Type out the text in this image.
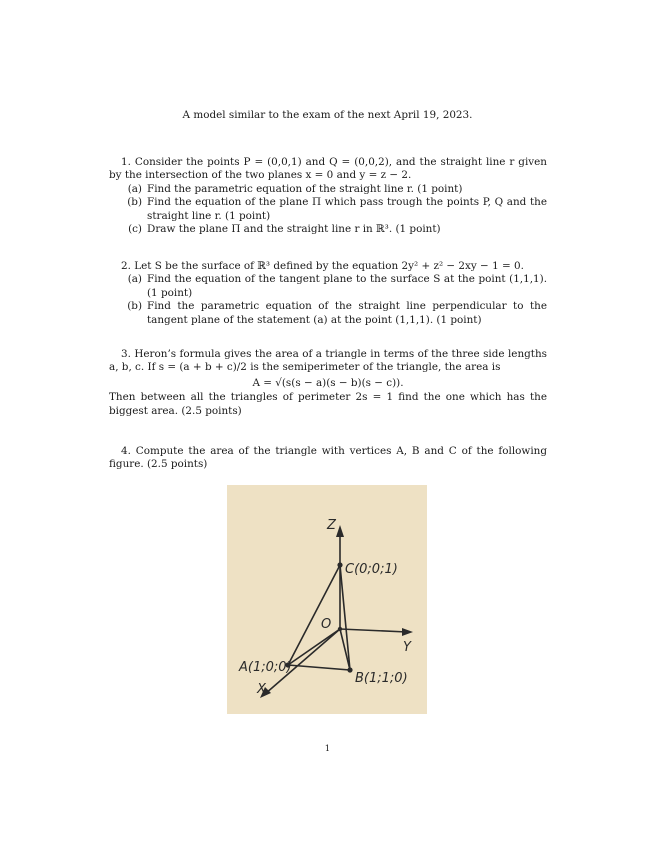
A model similar to the exam of the next April 19, 2023.
1. Consider the points P = (0,0,1) and Q = (0,0,2), and the straight line r given by the intersection of the two planes x = 0 and y = z − 2.
(a) Find the parametric equation of the straight line r. (1 point)
(b) Find the equation of the plane Π which pass trough the points P, Q and the straight line r. (1 point)
(c) Draw the plane Π and the straight line r in ℝ³. (1 point)
2. Let S be the surface of ℝ³ defined by the equation 2y² + z² − 2xy − 1 = 0.
(a) Find the equation of the tangent plane to the surface S at the point (1,1,1). (1 point)
(b) Find the parametric equation of the straight line perpendicular to the tangent plane of the statement (a) at the point (1,1,1). (1 point)
3. Heron’s formula gives the area of a triangle in terms of the three side lengths a, b, c. If s = (a + b + c)/2 is the semiperimeter of the triangle, the area is
A = √(s(s − a)(s − b)(s − c)).
Then between all the triangles of perimeter 2s = 1 find the one which has the biggest area. (2.5 points)
4. Compute the area of the triangle with vertices A, B and C of the following figure. (2.5 points)
Z
Y
X
O
C(0;0;1)
A(1;0;0)
B(1;1;0)
1
